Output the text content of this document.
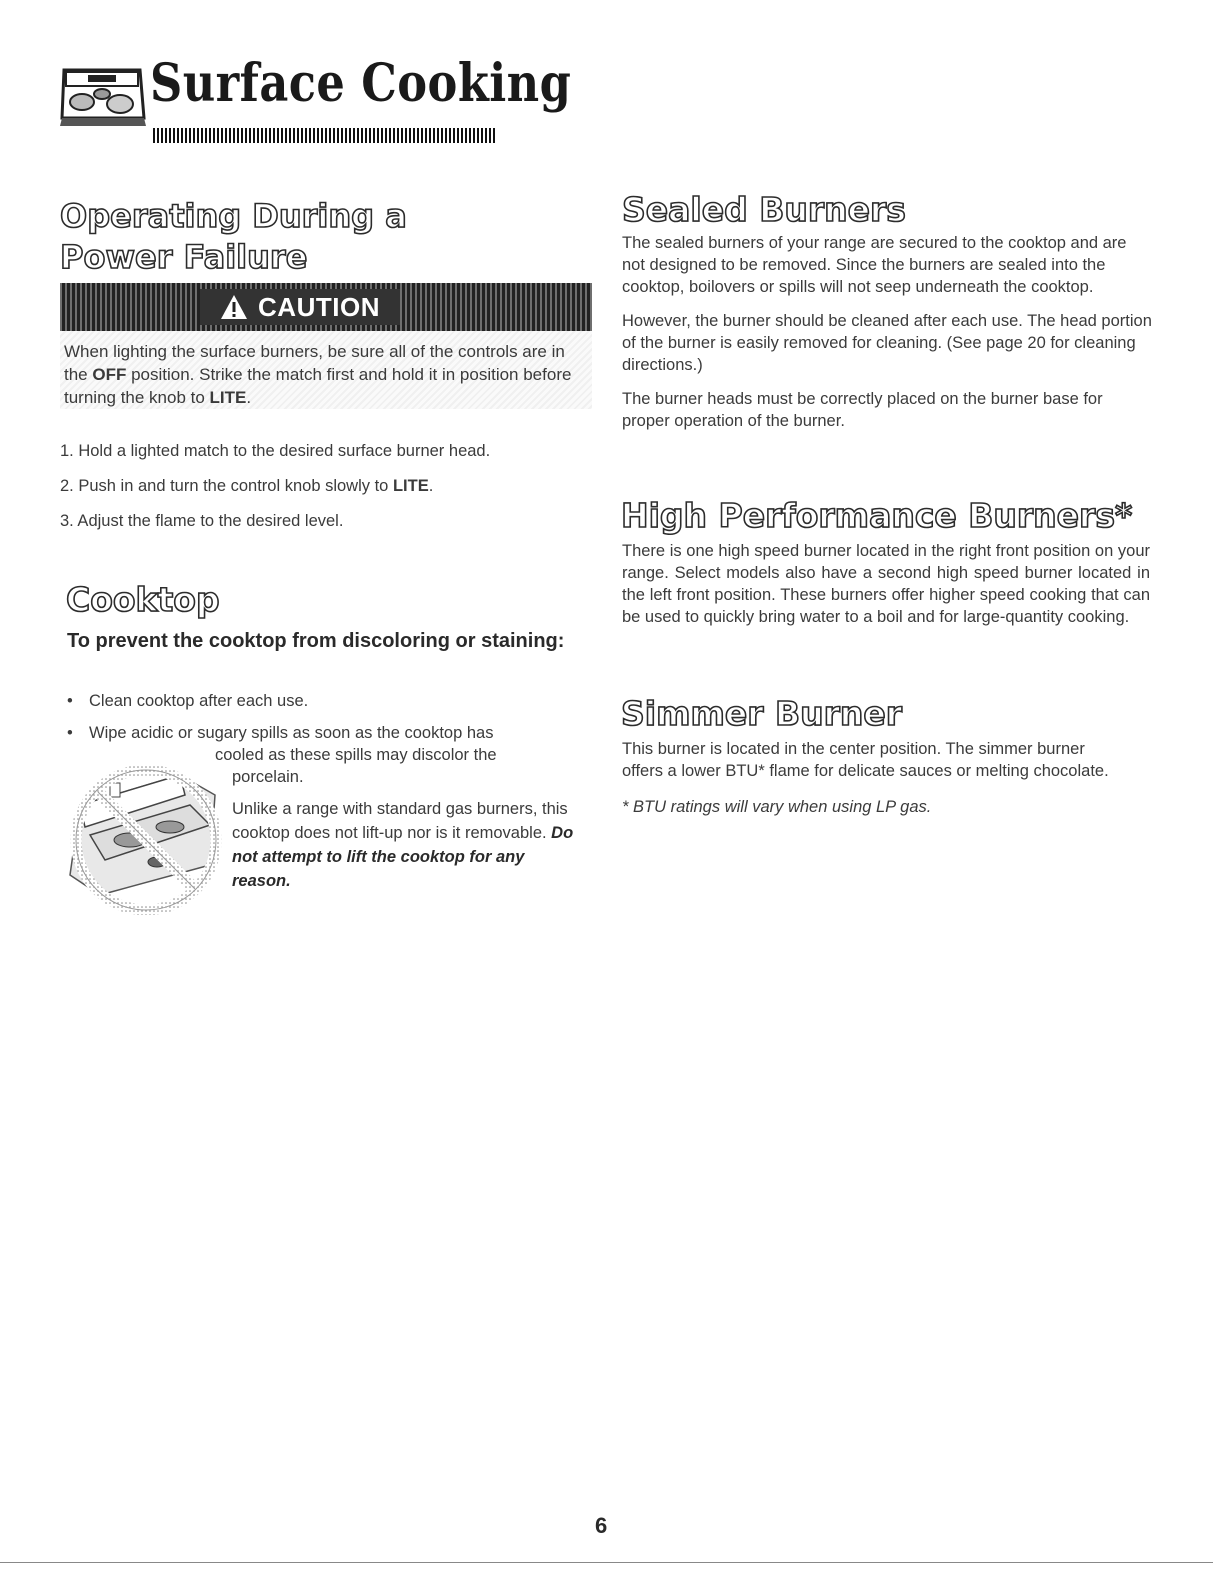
Surface Cooking
Operating During a
Power Failure
CAUTION
When lighting the surface burners, be sure all of the controls are in the OFF position. Strike the match first and hold it in position before turning the knob to LITE.
1. Hold a lighted match to the desired surface burner head.
2. Push in and turn the control knob slowly to LITE.
3. Adjust the flame to the desired level.
Cooktop
To prevent the cooktop from discoloring or staining:
• Clean cooktop after each use.
• Wipe acidic or sugary spills as soon as the cooktop has
cooled as these spills may discolor the
porcelain.
Unlike a range with standard gas burners, this cooktop does not lift-up nor is it removable. Do not attempt to lift the cooktop for any reason.
Sealed Burners

The sealed burners of your range are secured to the cooktop and are not designed to be removed. Since the burners are sealed into the cooktop, boilovers or spills will not seep underneath the cooktop.

However, the burner should be cleaned after each use. The head portion of the burner is easily removed for cleaning. (See page 20 for cleaning directions.)

The burner heads must be correctly placed on the burner base for proper operation of the burner.

High Performance Burners*

There is one high speed burner located in the right front position on your range. Select models also have a second high speed burner located in the left front position. These burners offer higher speed cooking that can be used to quickly bring water to a boil and for large-quantity cooking.

Simmer Burner

This burner is located in the center position. The simmer burner offers a lower BTU* flame for delicate sauces or melting chocolate.

* BTU ratings will vary when using LP gas.

6
